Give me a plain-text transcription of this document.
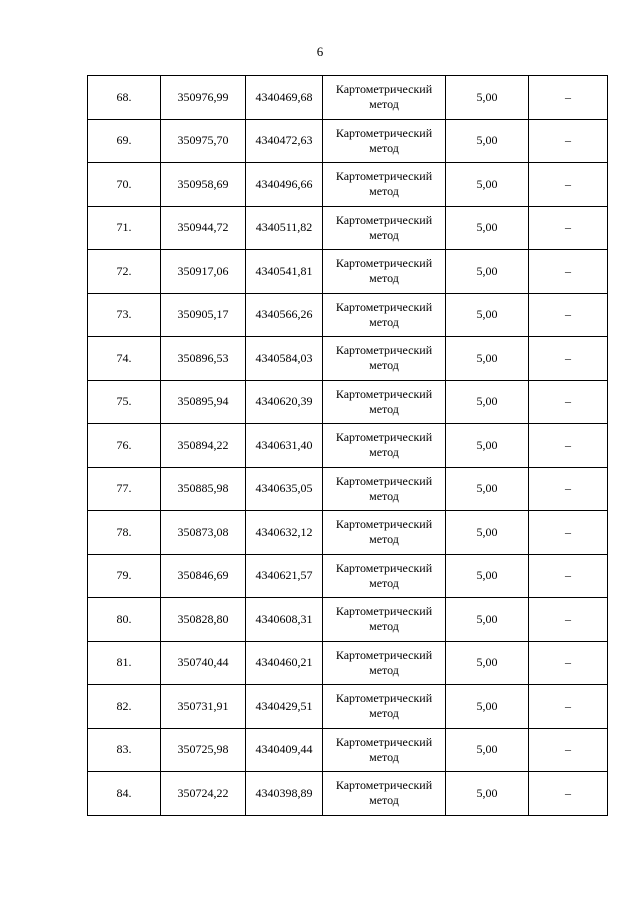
6
68.	350976,99	4340469,68	Картометрический
метод	5,00	–
69.	350975,70	4340472,63	Картометрический
метод	5,00	–
70.	350958,69	4340496,66	Картометрический
метод	5,00	–
71.	350944,72	4340511,82	Картометрический
метод	5,00	–
72.	350917,06	4340541,81	Картометрический
метод	5,00	–
73.	350905,17	4340566,26	Картометрический
метод	5,00	–
74.	350896,53	4340584,03	Картометрический
метод	5,00	–
75.	350895,94	4340620,39	Картометрический
метод	5,00	–
76.	350894,22	4340631,40	Картометрический
метод	5,00	–
77.	350885,98	4340635,05	Картометрический
метод	5,00	–
78.	350873,08	4340632,12	Картометрический
метод	5,00	–
79.	350846,69	4340621,57	Картометрический
метод	5,00	–
80.	350828,80	4340608,31	Картометрический
метод	5,00	–
81.	350740,44	4340460,21	Картометрический
метод	5,00	–
82.	350731,91	4340429,51	Картометрический
метод	5,00	–
83.	350725,98	4340409,44	Картометрический
метод	5,00	–
84.	350724,22	4340398,89	Картометрический
метод	5,00	–
